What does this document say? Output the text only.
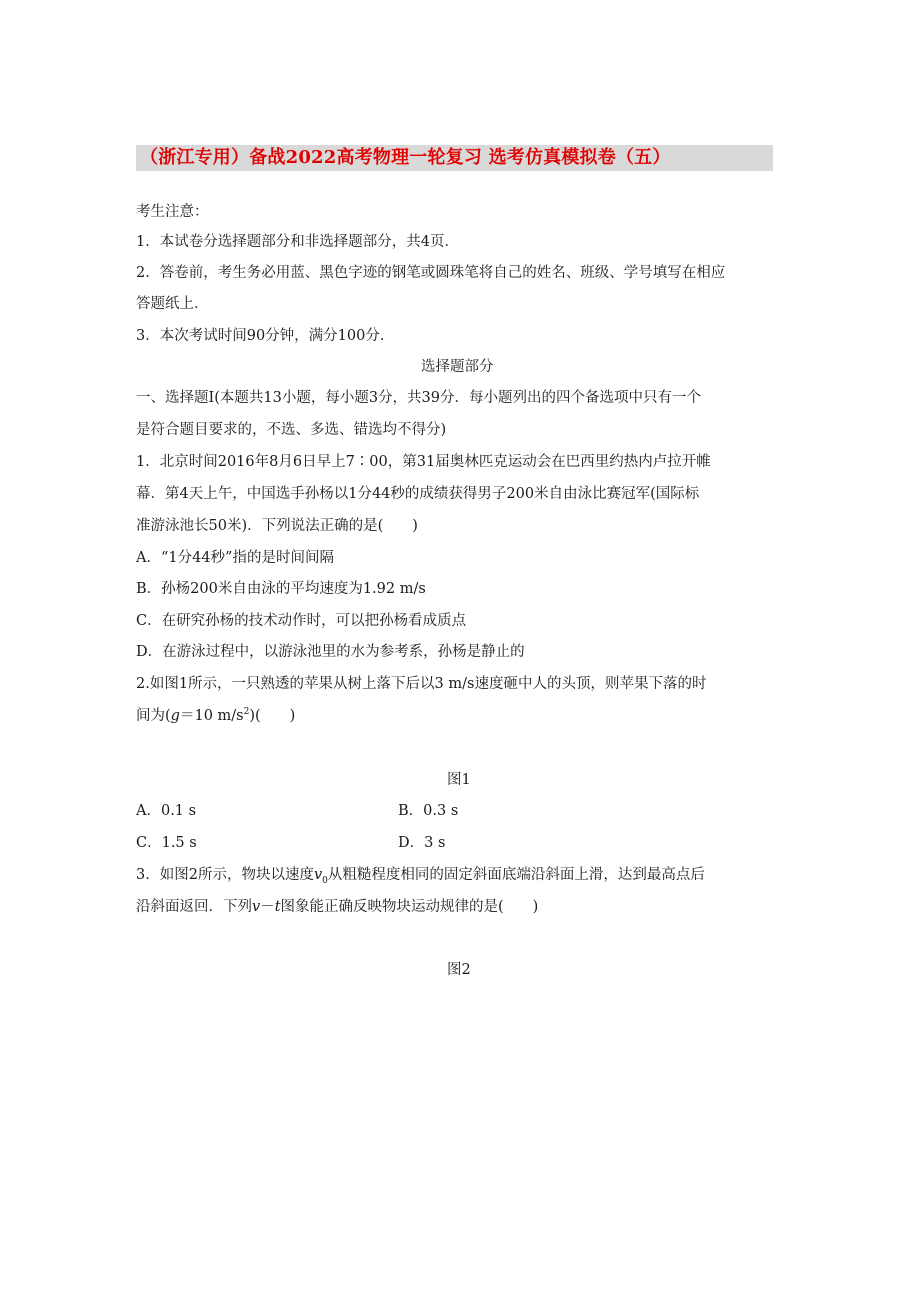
（浙江专用）备战2022高考物理一轮复习 选考仿真模拟卷（五）
考生注意：
1．本试卷分选择题部分和非选择题部分，共4页．
2．答卷前，考生务必用蓝、黑色字迹的钢笔或圆珠笔将自己的姓名、班级、学号填写在相应
答题纸上．
3．本次考试时间90分钟，满分100分．
选择题部分
一、选择题Ⅰ(本题共13小题，每小题3分，共39分．每小题列出的四个备选项中只有一个
是符合题目要求的，不选、多选、错选均不得分)
1．北京时间2016年8月6日早上7∶00，第31届奥林匹克运动会在巴西里约热内卢拉开帷
幕．第4天上午，中国选手孙杨以1分44秒的成绩获得男子200米自由泳比赛冠军(国际标
准游泳池长50米)．下列说法正确的是(　　)
A．“1分44秒”指的是时间间隔
B．孙杨200米自由泳的平均速度为1.92 m/s
C．在研究孙杨的技术动作时，可以把孙杨看成质点
D．在游泳过程中，以游泳池里的水为参考系，孙杨是静止的
2.如图1所示，一只熟透的苹果从树上落下后以3 m/s速度砸中人的头顶，则苹果下落的时
间为(g＝10 $m/s^2$)(　　)
图1
A．0.1 s	B．0.3 s
C．1.5 s	D．3 s
3．如图2所示，物块以速度$v_0$从粗糙程度相同的固定斜面底端沿斜面上滑，达到最高点后
沿斜面返回．下列v－t图象能正确反映物块运动规律的是(　　)
图2
